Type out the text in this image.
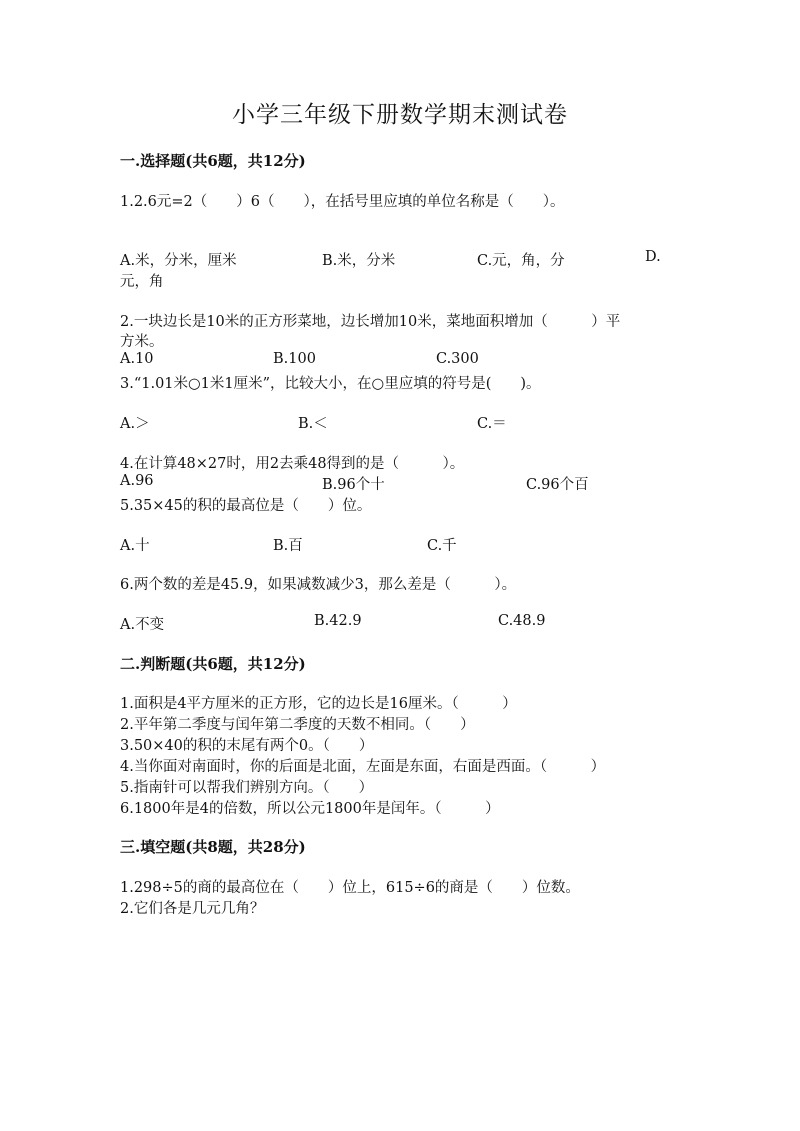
小学三年级下册数学期末测试卷
一.选择题(共6题，共12分)
1.2.6元=2（　　）6（　　），在括号里应填的单位名称是（　　）。
A.米，分米，厘米	B.米，分米	C.元，角，分	D.
元，角
2.一块边长是10米的正方形菜地，边长增加10米，菜地面积增加（　　　）平
方米。
A.10	B.100	C.300
3.“1.01米○1米1厘米”，比较大小，在○里应填的符号是(　　)。
A.＞	B.＜	C.＝
4.在计算48×27时，用2去乘48得到的是（　　　）。
A.96	B.96个十	C.96个百
5.35×45的积的最高位是（　　）位。
A.十	B.百	C.千
6.两个数的差是45.9，如果减数减少3，那么差是（　　　）。
A.不变	B.42.9	C.48.9
二.判断题(共6题，共12分)
1.面积是4平方厘米的正方形，它的边长是16厘米。（　　　）
2.平年第二季度与闰年第二季度的天数不相同。（　　）
3.50×40的积的末尾有两个0。（　　）
4.当你面对南面时，你的后面是北面，左面是东面，右面是西面。（　　　）
5.指南针可以帮我们辨别方向。（　　）
6.1800年是4的倍数，所以公元1800年是闰年。（　　　）
三.填空题(共8题，共28分)
1.298÷5的商的最高位在（　　）位上，615÷6的商是（　　）位数。
2.它们各是几元几角？
